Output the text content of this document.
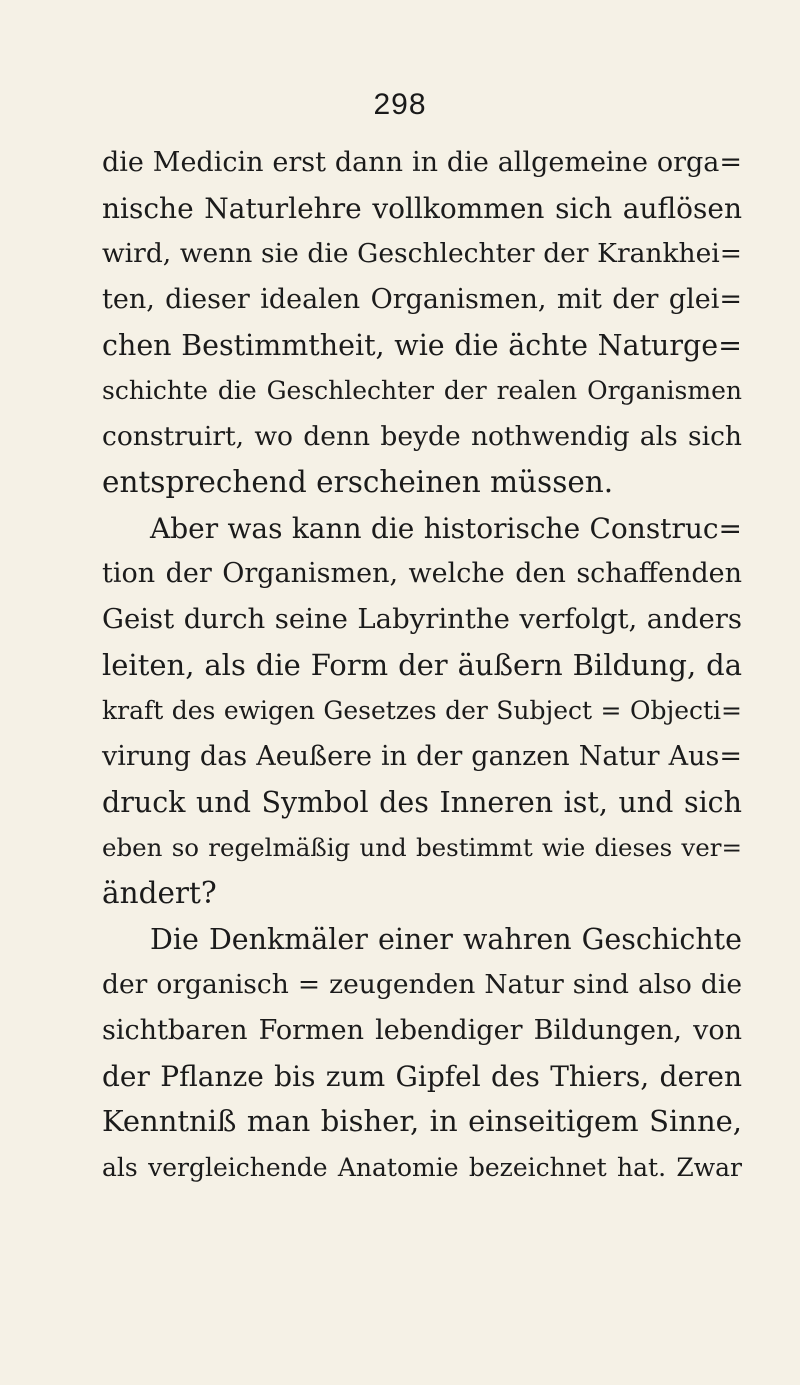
298
die Medicin erst dann in die allgemeine orga=
nische Naturlehre vollkommen sich auflösen
wird, wenn sie die Geschlechter der Krankhei=
ten, dieser idealen Organismen, mit der glei=
chen Bestimmtheit, wie die ächte Naturge=
schichte die Geschlechter der realen Organismen
construirt, wo denn beyde nothwendig als sich
entsprechend erscheinen müssen.
Aber was kann die historische Construc=
tion der Organismen, welche den schaffenden
Geist durch seine Labyrinthe verfolgt, anders
leiten, als die Form der äußern Bildung, da
kraft des ewigen Gesetzes der Subject = Objecti=
virung das Aeußere in der ganzen Natur Aus=
druck und Symbol des Inneren ist, und sich
eben so regelmäßig und bestimmt wie dieses ver=
ändert?
Die Denkmäler einer wahren Geschichte
der organisch = zeugenden Natur sind also die
sichtbaren Formen lebendiger Bildungen, von
der Pflanze bis zum Gipfel des Thiers, deren
Kenntniß man bisher, in einseitigem Sinne,
als vergleichende Anatomie bezeichnet hat. Zwar
